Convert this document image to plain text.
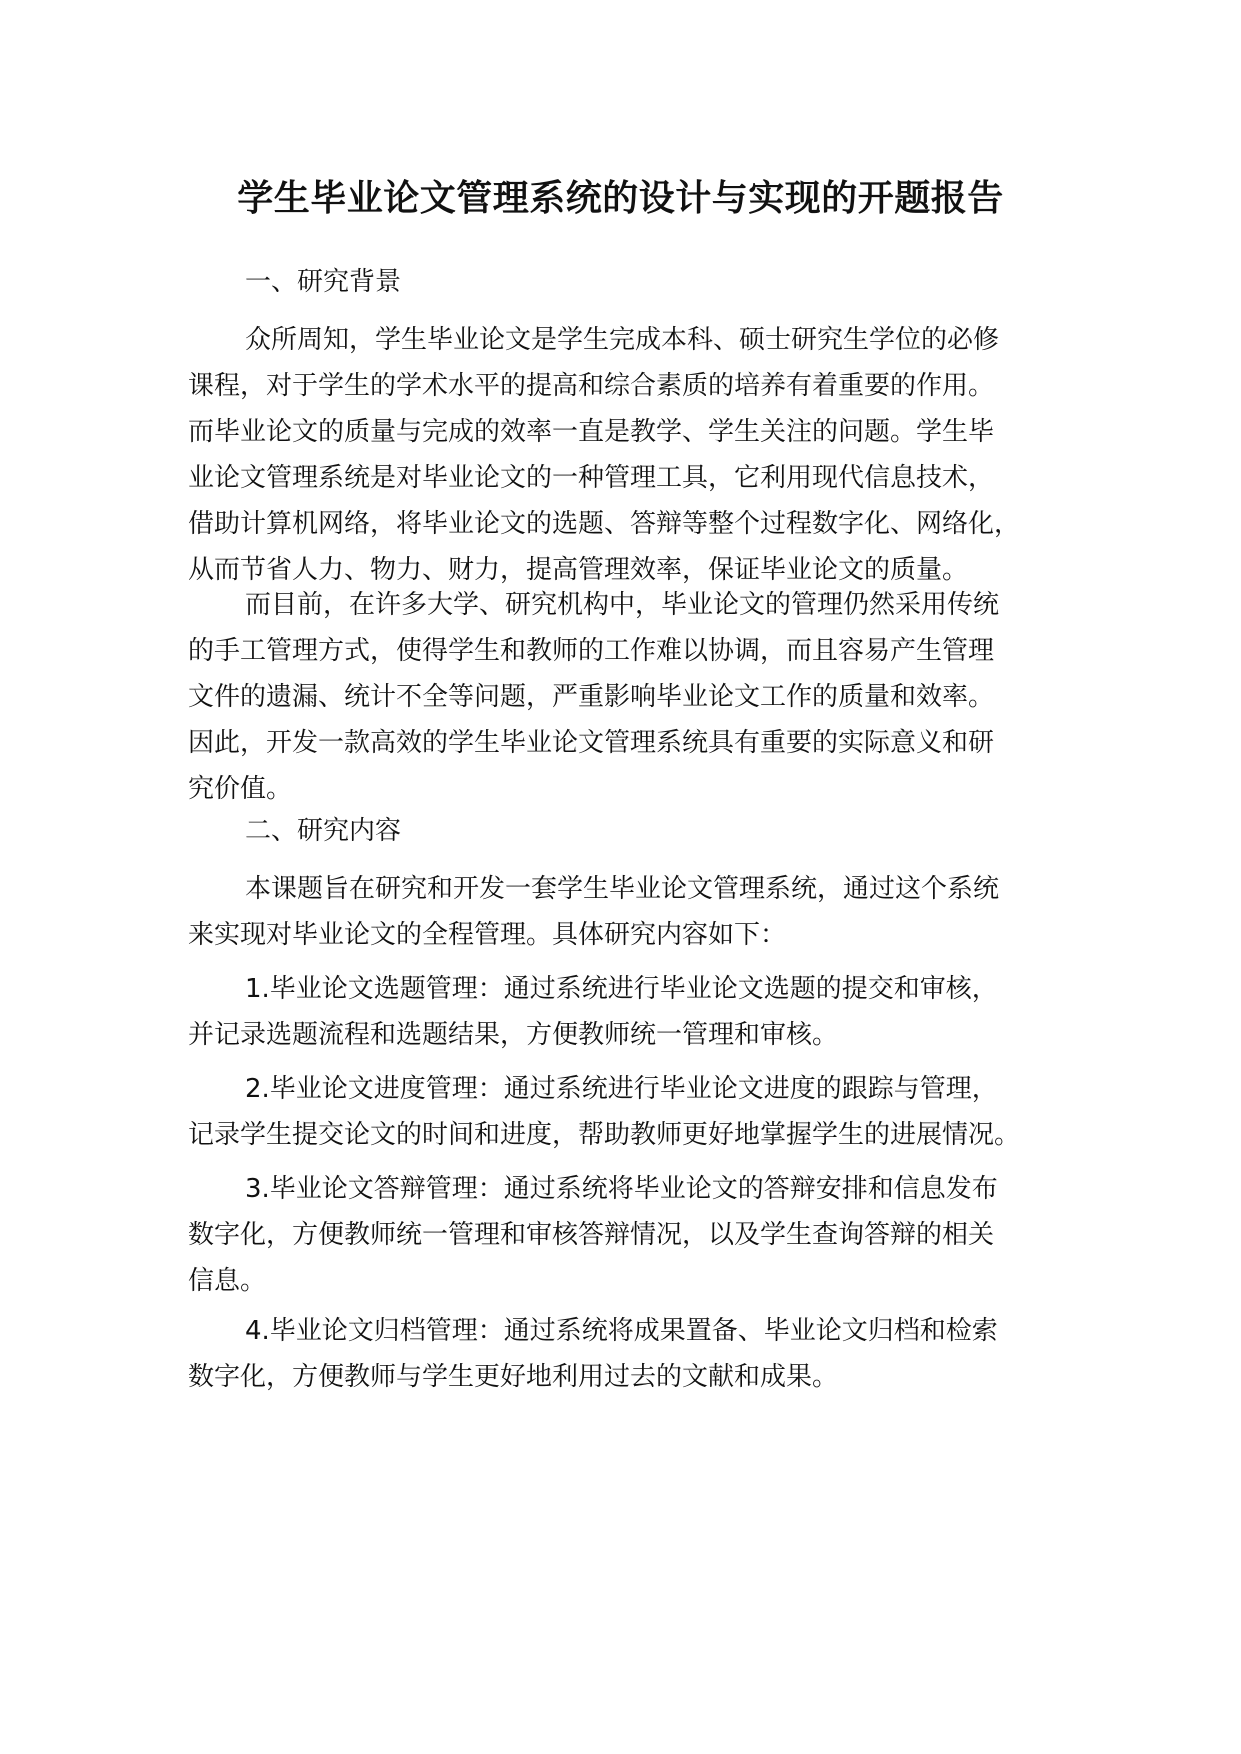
学生毕业论文管理系统的设计与实现的开题报告
一、研究背景
众所周知，学生毕业论文是学生完成本科、硕士研究生学位的必修
课程，对于学生的学术水平的提高和综合素质的培养有着重要的作用。
而毕业论文的质量与完成的效率一直是教学、学生关注的问题。学生毕
业论文管理系统是对毕业论文的一种管理工具，它利用现代信息技术，
借助计算机网络，将毕业论文的选题、答辩等整个过程数字化、网络化，
从而节省人力、物力、财力，提高管理效率，保证毕业论文的质量。
而目前，在许多大学、研究机构中，毕业论文的管理仍然采用传统
的手工管理方式，使得学生和教师的工作难以协调，而且容易产生管理
文件的遗漏、统计不全等问题，严重影响毕业论文工作的质量和效率。
因此，开发一款高效的学生毕业论文管理系统具有重要的实际意义和研
究价值。
二、研究内容
本课题旨在研究和开发一套学生毕业论文管理系统，通过这个系统
来实现对毕业论文的全程管理。具体研究内容如下：
1.毕业论文选题管理：通过系统进行毕业论文选题的提交和审核，
并记录选题流程和选题结果，方便教师统一管理和审核。
2.毕业论文进度管理：通过系统进行毕业论文进度的跟踪与管理，
记录学生提交论文的时间和进度，帮助教师更好地掌握学生的进展情况。
3.毕业论文答辩管理：通过系统将毕业论文的答辩安排和信息发布
数字化，方便教师统一管理和审核答辩情况，以及学生查询答辩的相关
信息。
4.毕业论文归档管理：通过系统将成果置备、毕业论文归档和检索
数字化，方便教师与学生更好地利用过去的文献和成果。
